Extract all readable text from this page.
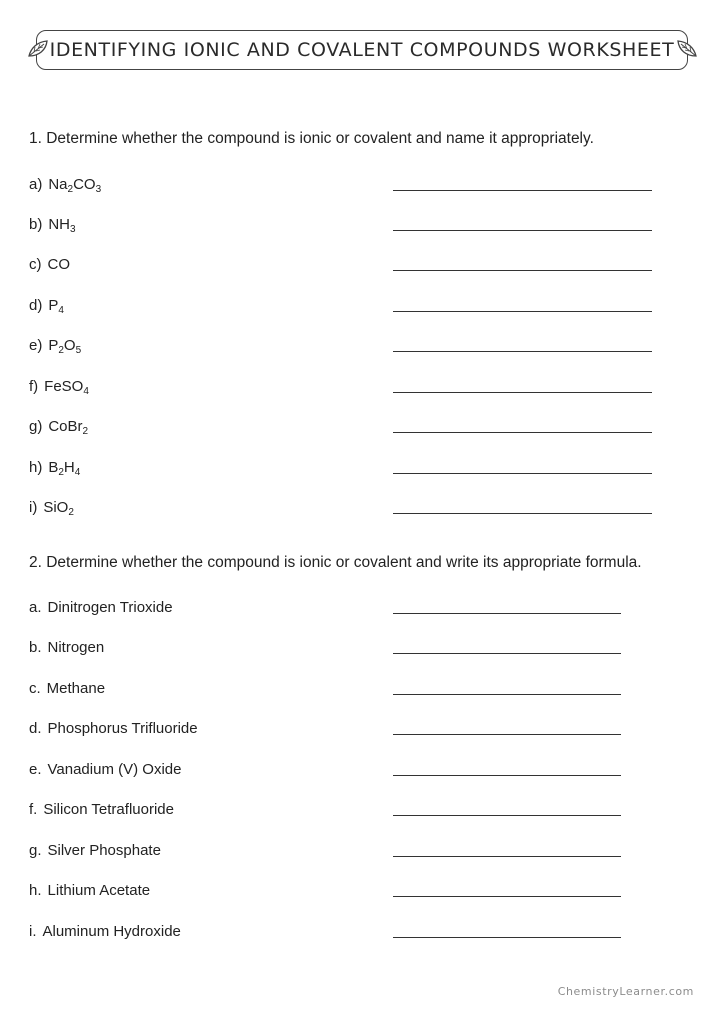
IDENTIFYING IONIC AND COVALENT COMPOUNDS WORKSHEET
1. Determine whether the compound is ionic or covalent and name it appropriately.
a) $Na_2CO_3$
b) $NH_3$
c) CO
d) $P_4$
e) $P_2O_5$
f) FeSO$_4$
g) CoBr$_2$
h) $B_2H_4$
i) SiO$_2$
2. Determine whether the compound is ionic or covalent and write its appropriate formula.
a. Dinitrogen Trioxide
b. Nitrogen
c. Methane
d. Phosphorus Trifluoride
e. Vanadium (V) Oxide
f. Silicon Tetrafluoride
g. Silver Phosphate
h. Lithium Acetate
i. Aluminum Hydroxide
ChemistryLearner.com
